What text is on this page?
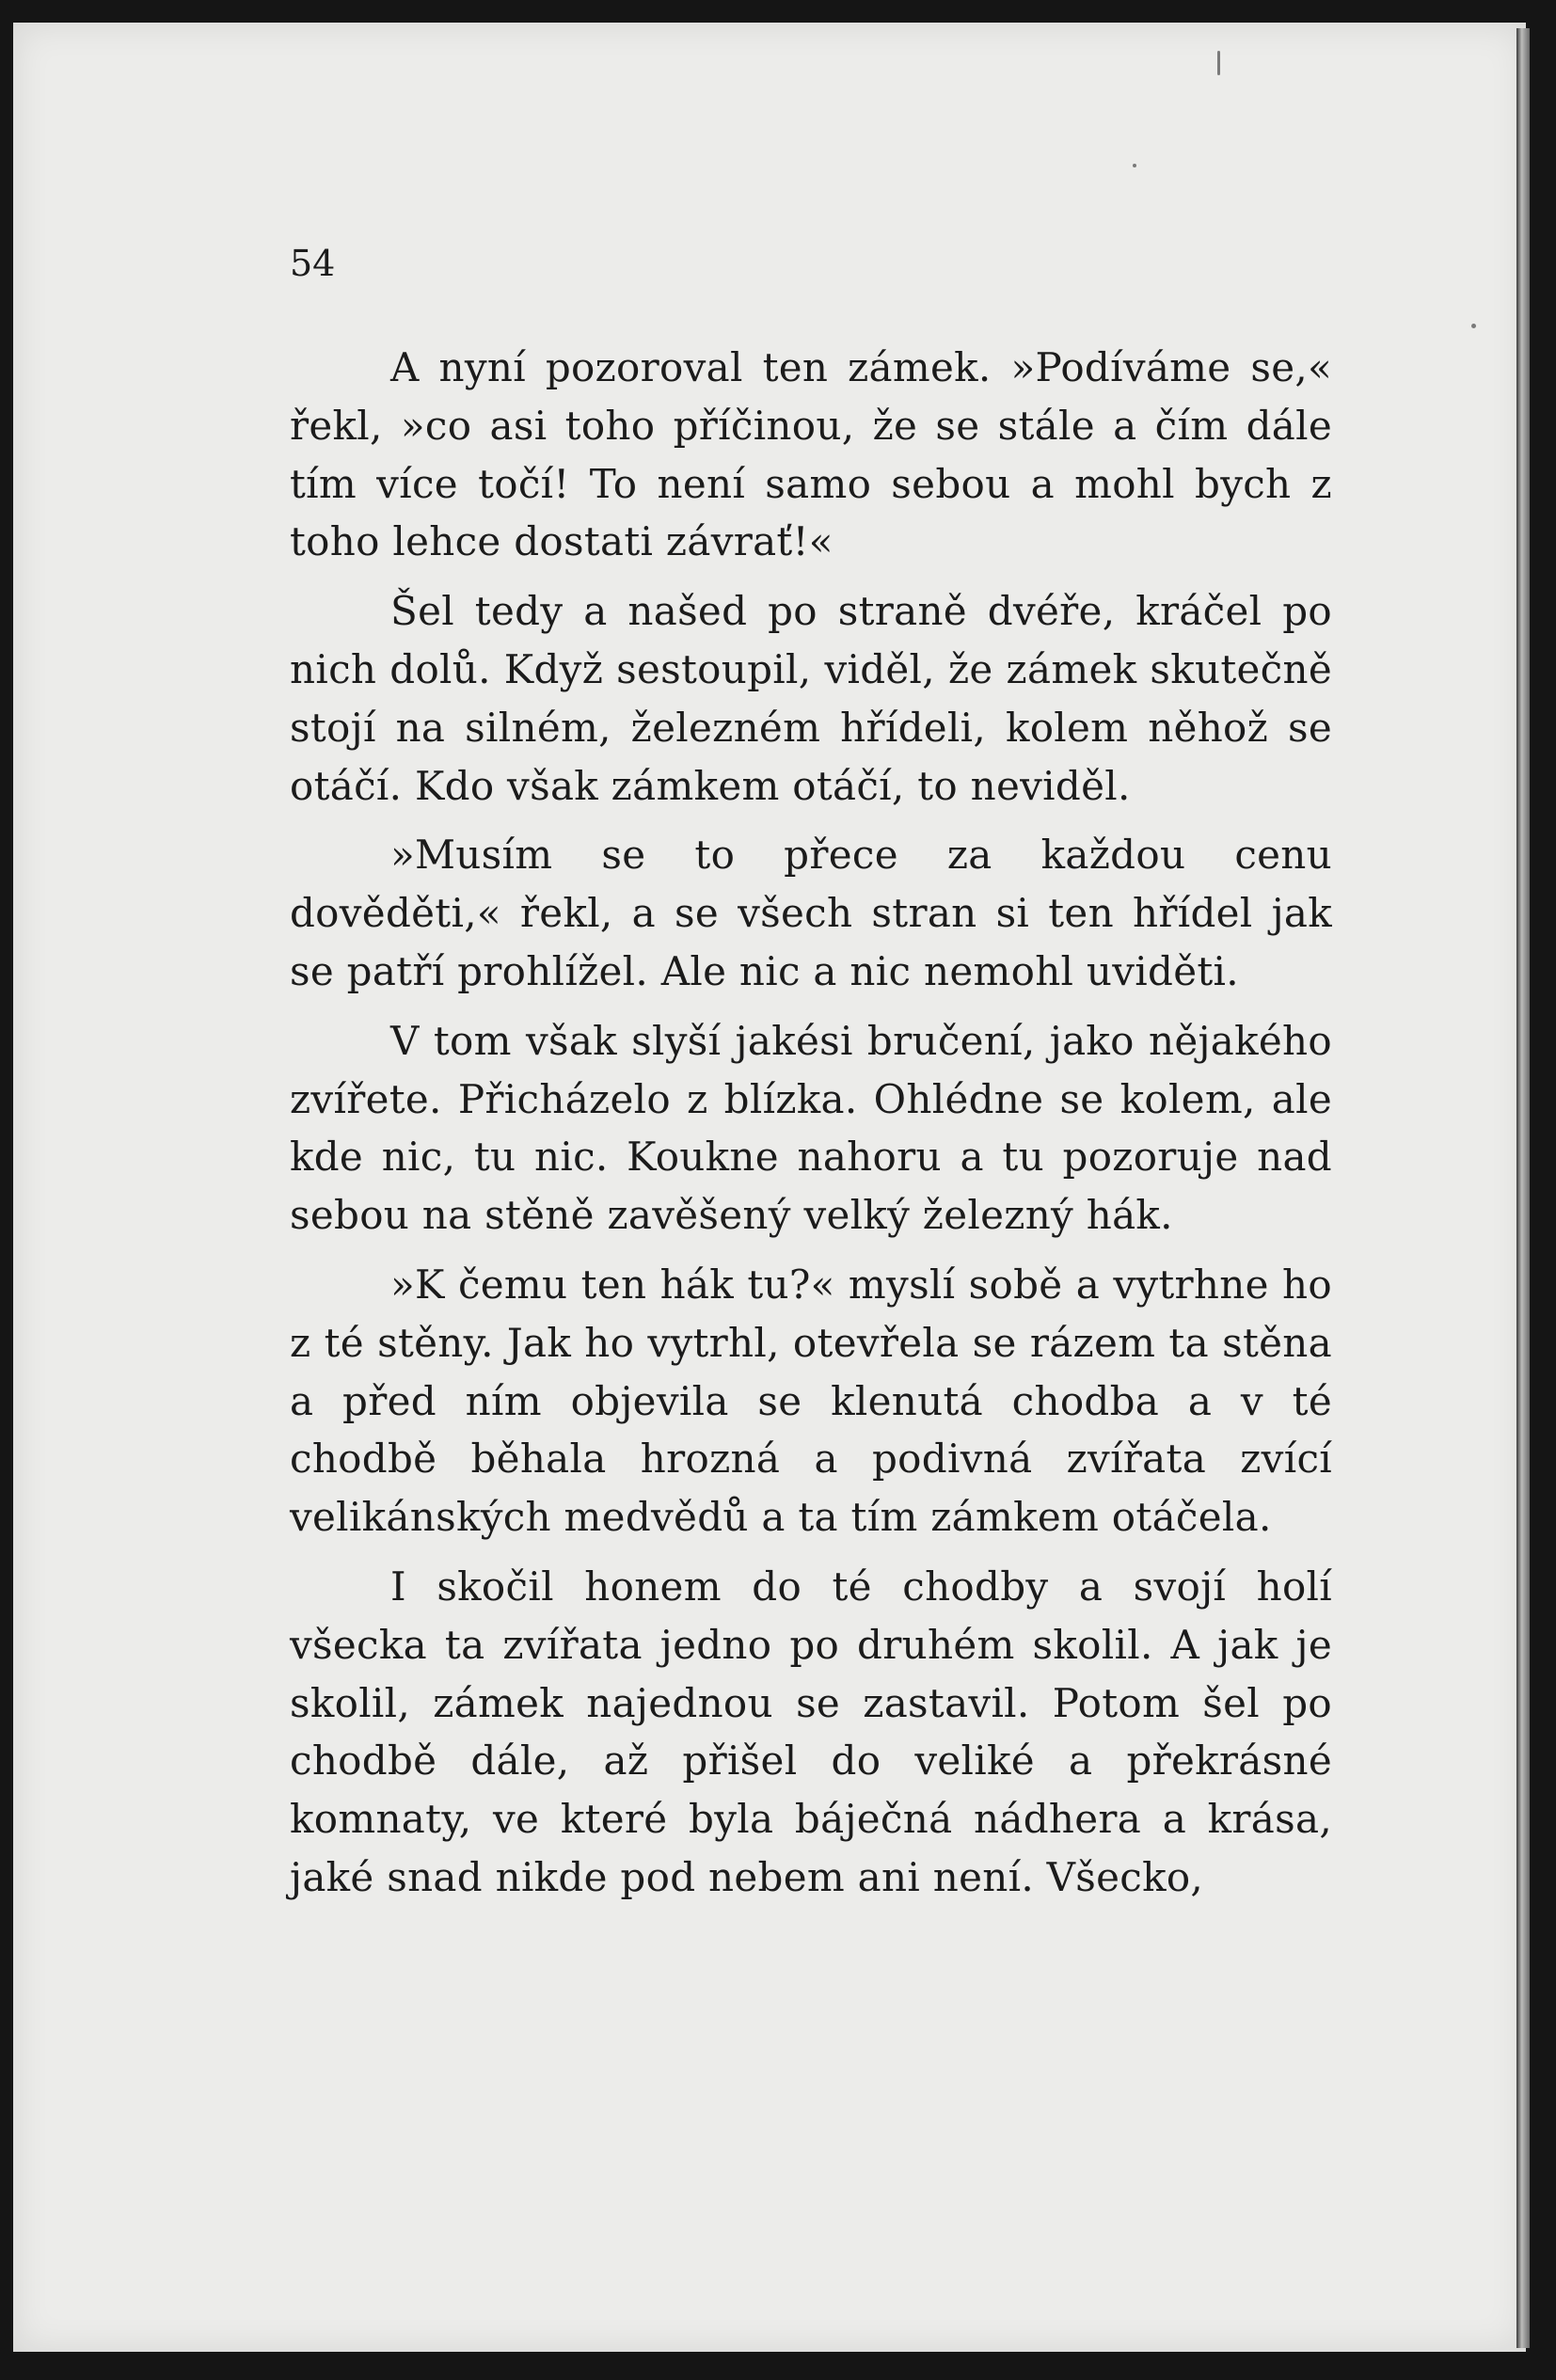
54

A nyní pozoroval ten zámek. »Podíváme se,« řekl, »co asi toho příčinou, že se stále a čím dále tím více točí! To není samo sebou a mohl bych z toho lehce dostati závrať!«

Šel tedy a našed po straně dvéře, kráčel po nich dolů. Když sestoupil, viděl, že zámek skutečně stojí na silném, železném hřídeli, kolem něhož se otáčí. Kdo však zámkem otáčí, to neviděl.

»Musím se to přece za každou cenu dověděti,« řekl, a se všech stran si ten hřídel jak se patří prohlížel. Ale nic a nic nemohl uviděti.

V tom však slyší jakési bručení, jako nějakého zvířete. Přicházelo z blízka. Ohlédne se kolem, ale kde nic, tu nic. Koukne nahoru a tu pozoruje nad sebou na stěně zavěšený velký železný hák.

»K čemu ten hák tu?« myslí sobě a vytrhne ho z té stěny. Jak ho vytrhl, otevřela se rázem ta stěna a před ním objevila se klenutá chodba a v té chodbě běhala hrozná a podivná zvířata zvící velikánských medvědů a ta tím zámkem otáčela.

I skočil honem do té chodby a svojí holí všecka ta zvířata jedno po druhém skolil. A jak je skolil, zámek najednou se zastavil. Potom šel po chodbě dále, až přišel do veliké a překrásné komnaty, ve které byla báječná nádhera a krása, jaké snad nikde pod nebem ani není. Všecko,
